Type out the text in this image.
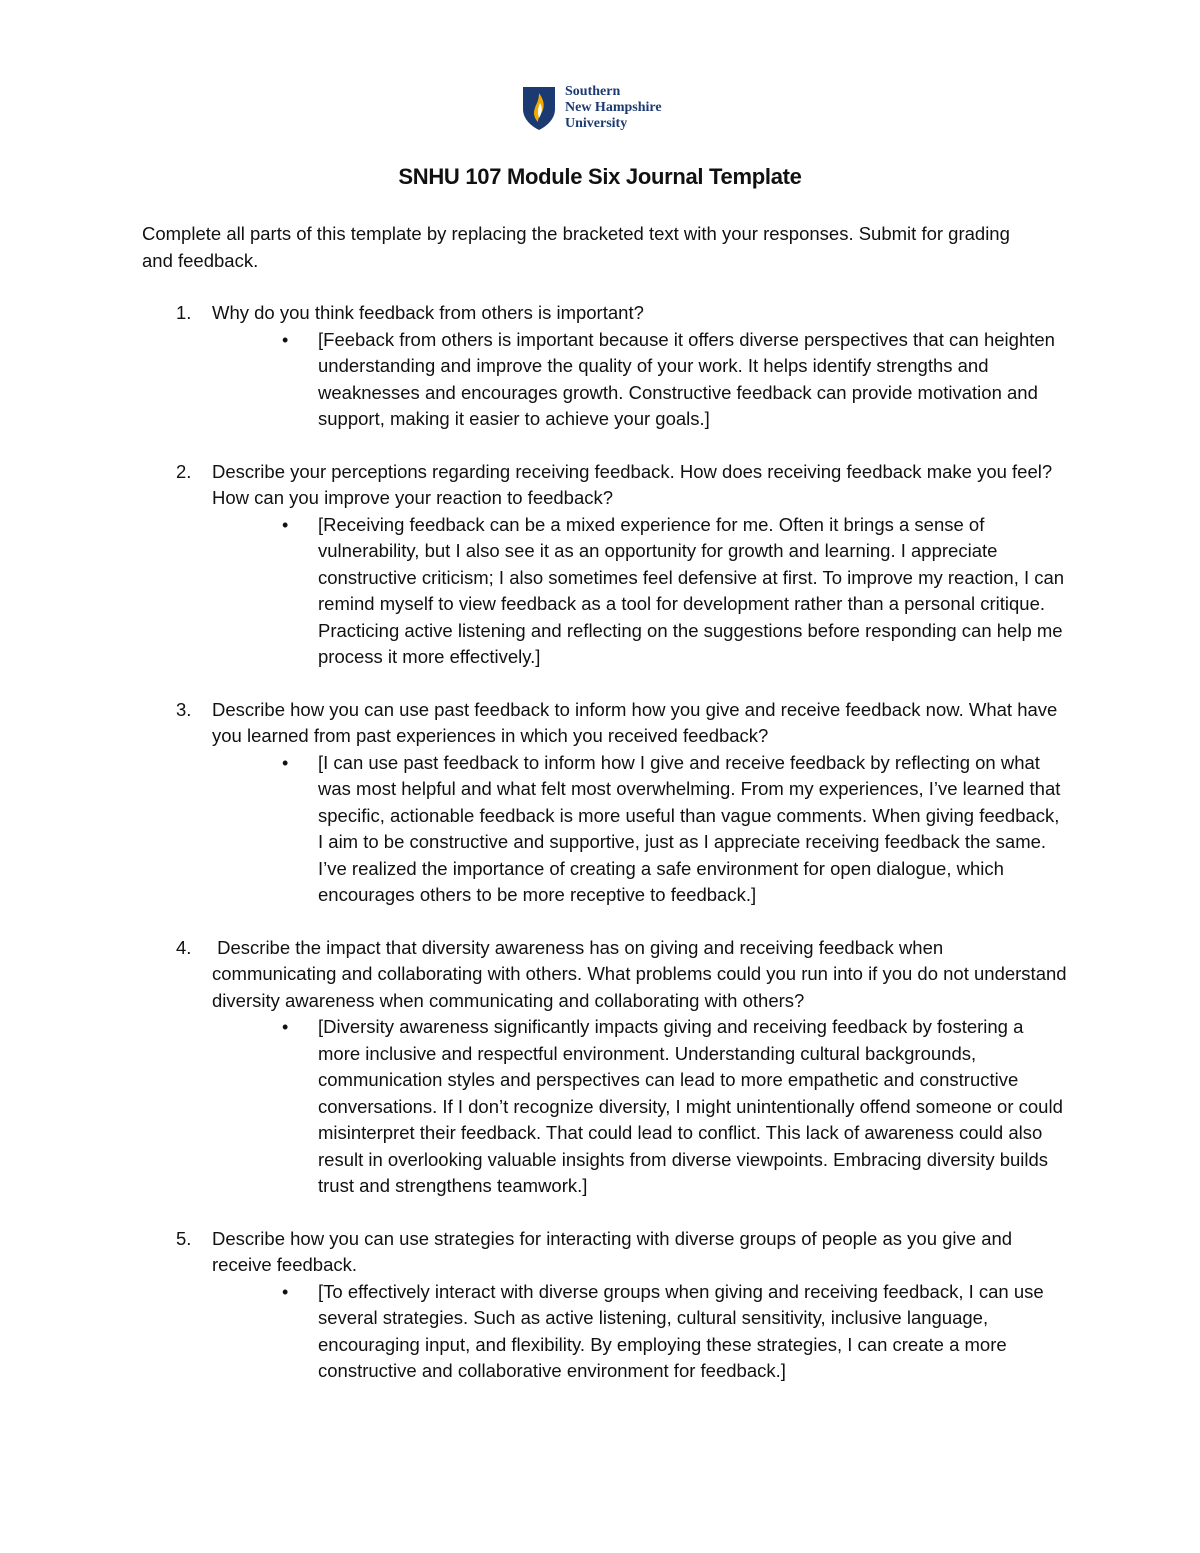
Southern
New Hampshire
University
SNHU 107 Module Six Journal Template
Complete all parts of this template by replacing the bracketed text with your responses. Submit for grading and feedback.
1. Why do you think feedback from others is important?
• [Feeback from others is important because it offers diverse perspectives that can heighten understanding and improve the quality of your work. It helps identify strengths and weaknesses and encourages growth. Constructive feedback can provide motivation and support, making it easier to achieve your goals.]
2. Describe your perceptions regarding receiving feedback. How does receiving feedback make you feel? How can you improve your reaction to feedback?
• [Receiving feedback can be a mixed experience for me. Often it brings a sense of vulnerability, but I also see it as an opportunity for growth and learning. I appreciate constructive criticism; I also sometimes feel defensive at first. To improve my reaction, I can remind myself to view feedback as a tool for development rather than a personal critique. Practicing active listening and reflecting on the suggestions before responding can help me process it more effectively.]
3. Describe how you can use past feedback to inform how you give and receive feedback now. What have you learned from past experiences in which you received feedback?
• [I can use past feedback to inform how I give and receive feedback by reflecting on what was most helpful and what felt most overwhelming. From my experiences, I’ve learned that specific, actionable feedback is more useful than vague comments. When giving feedback, I aim to be constructive and supportive, just as I appreciate receiving feedback the same. I’ve realized the importance of creating a safe environment for open dialogue, which encourages others to be more receptive to feedback.]
4. Describe the impact that diversity awareness has on giving and receiving feedback when communicating and collaborating with others. What problems could you run into if you do not understand diversity awareness when communicating and collaborating with others?
• [Diversity awareness significantly impacts giving and receiving feedback by fostering a more inclusive and respectful environment. Understanding cultural backgrounds, communication styles and perspectives can lead to more empathetic and constructive conversations. If I don’t recognize diversity, I might unintentionally offend someone or could misinterpret their feedback. That could lead to conflict. This lack of awareness could also result in overlooking valuable insights from diverse viewpoints. Embracing diversity builds trust and strengthens teamwork.]
5. Describe how you can use strategies for interacting with diverse groups of people as you give and receive feedback.
• [To effectively interact with diverse groups when giving and receiving feedback, I can use several strategies. Such as active listening, cultural sensitivity, inclusive language, encouraging input, and flexibility. By employing these strategies, I can create a more constructive and collaborative environment for feedback.]
